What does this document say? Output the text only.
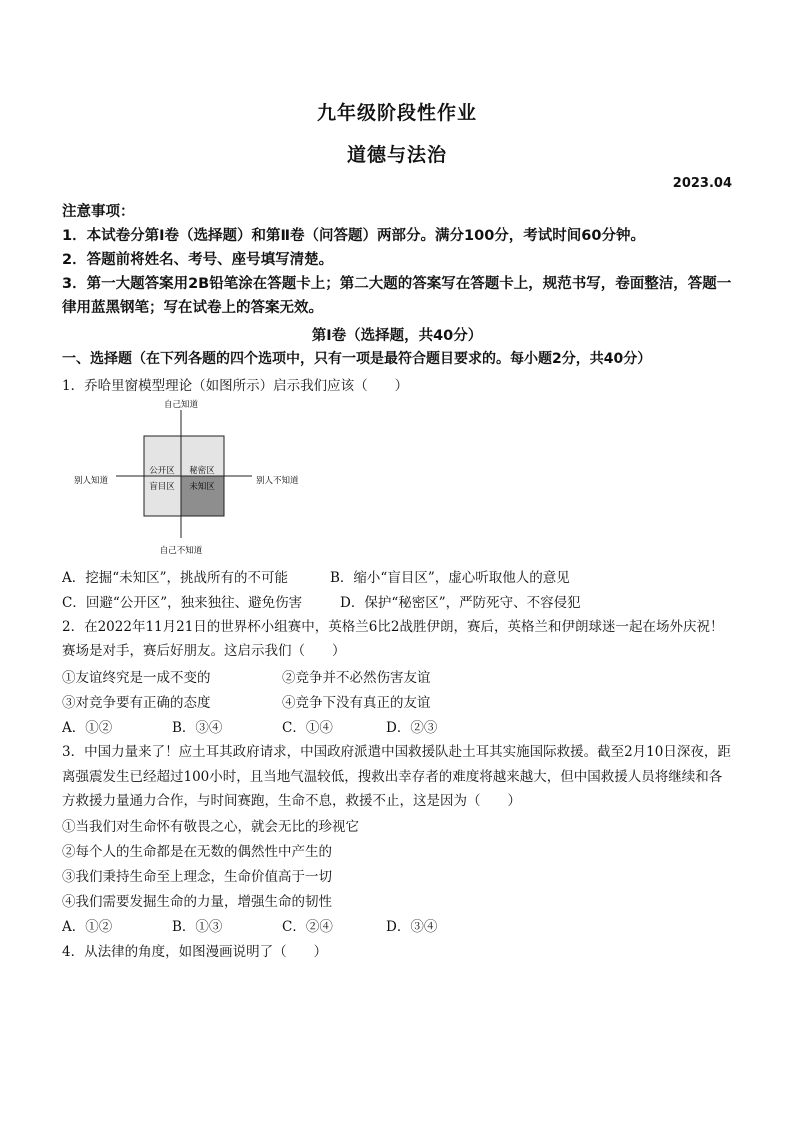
九年级阶段性作业
道德与法治
2023.04
注意事项：
1．本试卷分第Ⅰ卷（选择题）和第Ⅱ卷（问答题）两部分。满分100分，考试时间60分钟。
2．答题前将姓名、考号、座号填写清楚。
3．第一大题答案用2B铅笔涂在答题卡上；第二大题的答案写在答题卡上，规范书写，卷面整洁，答题一律用蓝黑钢笔；写在试卷上的答案无效。
第Ⅰ卷（选择题，共40分）
一、选择题（在下列各题的四个选项中，只有一项是最符合题目要求的。每小题2分，共40分）
1．乔哈里窗模型理论（如图所示）启示我们应该（　　）
自己知道
自己不知道
别人知道	别人不知道
公开区 秘密区
盲目区 未知区
A．挖掘“未知区”，挑战所有的不可能	B．缩小“盲目区”，虚心听取他人的意见
C．回避“公开区”，独来独往、避免伤害	D．保护“秘密区”，严防死守、不容侵犯
2．在2022年11月21日的世界杯小组赛中，英格兰6比2战胜伊朗，赛后，英格兰和伊朗球迷一起在场外庆祝！赛场是对手，赛后好朋友。这启示我们（　　）
①友谊终究是一成不变的	②竞争并不必然伤害友谊
③对竞争要有正确的态度	④竞争下没有真正的友谊
A．①②	B．③④	C．①④	D．②③
3．中国力量来了！应土耳其政府请求，中国政府派遣中国救援队赴土耳其实施国际救援。截至2月10日深夜，距离强震发生已经超过100小时，且当地气温较低，搜救出幸存者的难度将越来越大，但中国救援人员将继续和各方救援力量通力合作，与时间赛跑，生命不息，救援不止，这是因为（　　）
①当我们对生命怀有敬畏之心，就会无比的珍视它
②每个人的生命都是在无数的偶然性中产生的
③我们秉持生命至上理念，生命价值高于一切
④我们需要发掘生命的力量，增强生命的韧性
A．①②	B．①③	C．②④	D．③④
4．从法律的角度，如图漫画说明了（　　）
